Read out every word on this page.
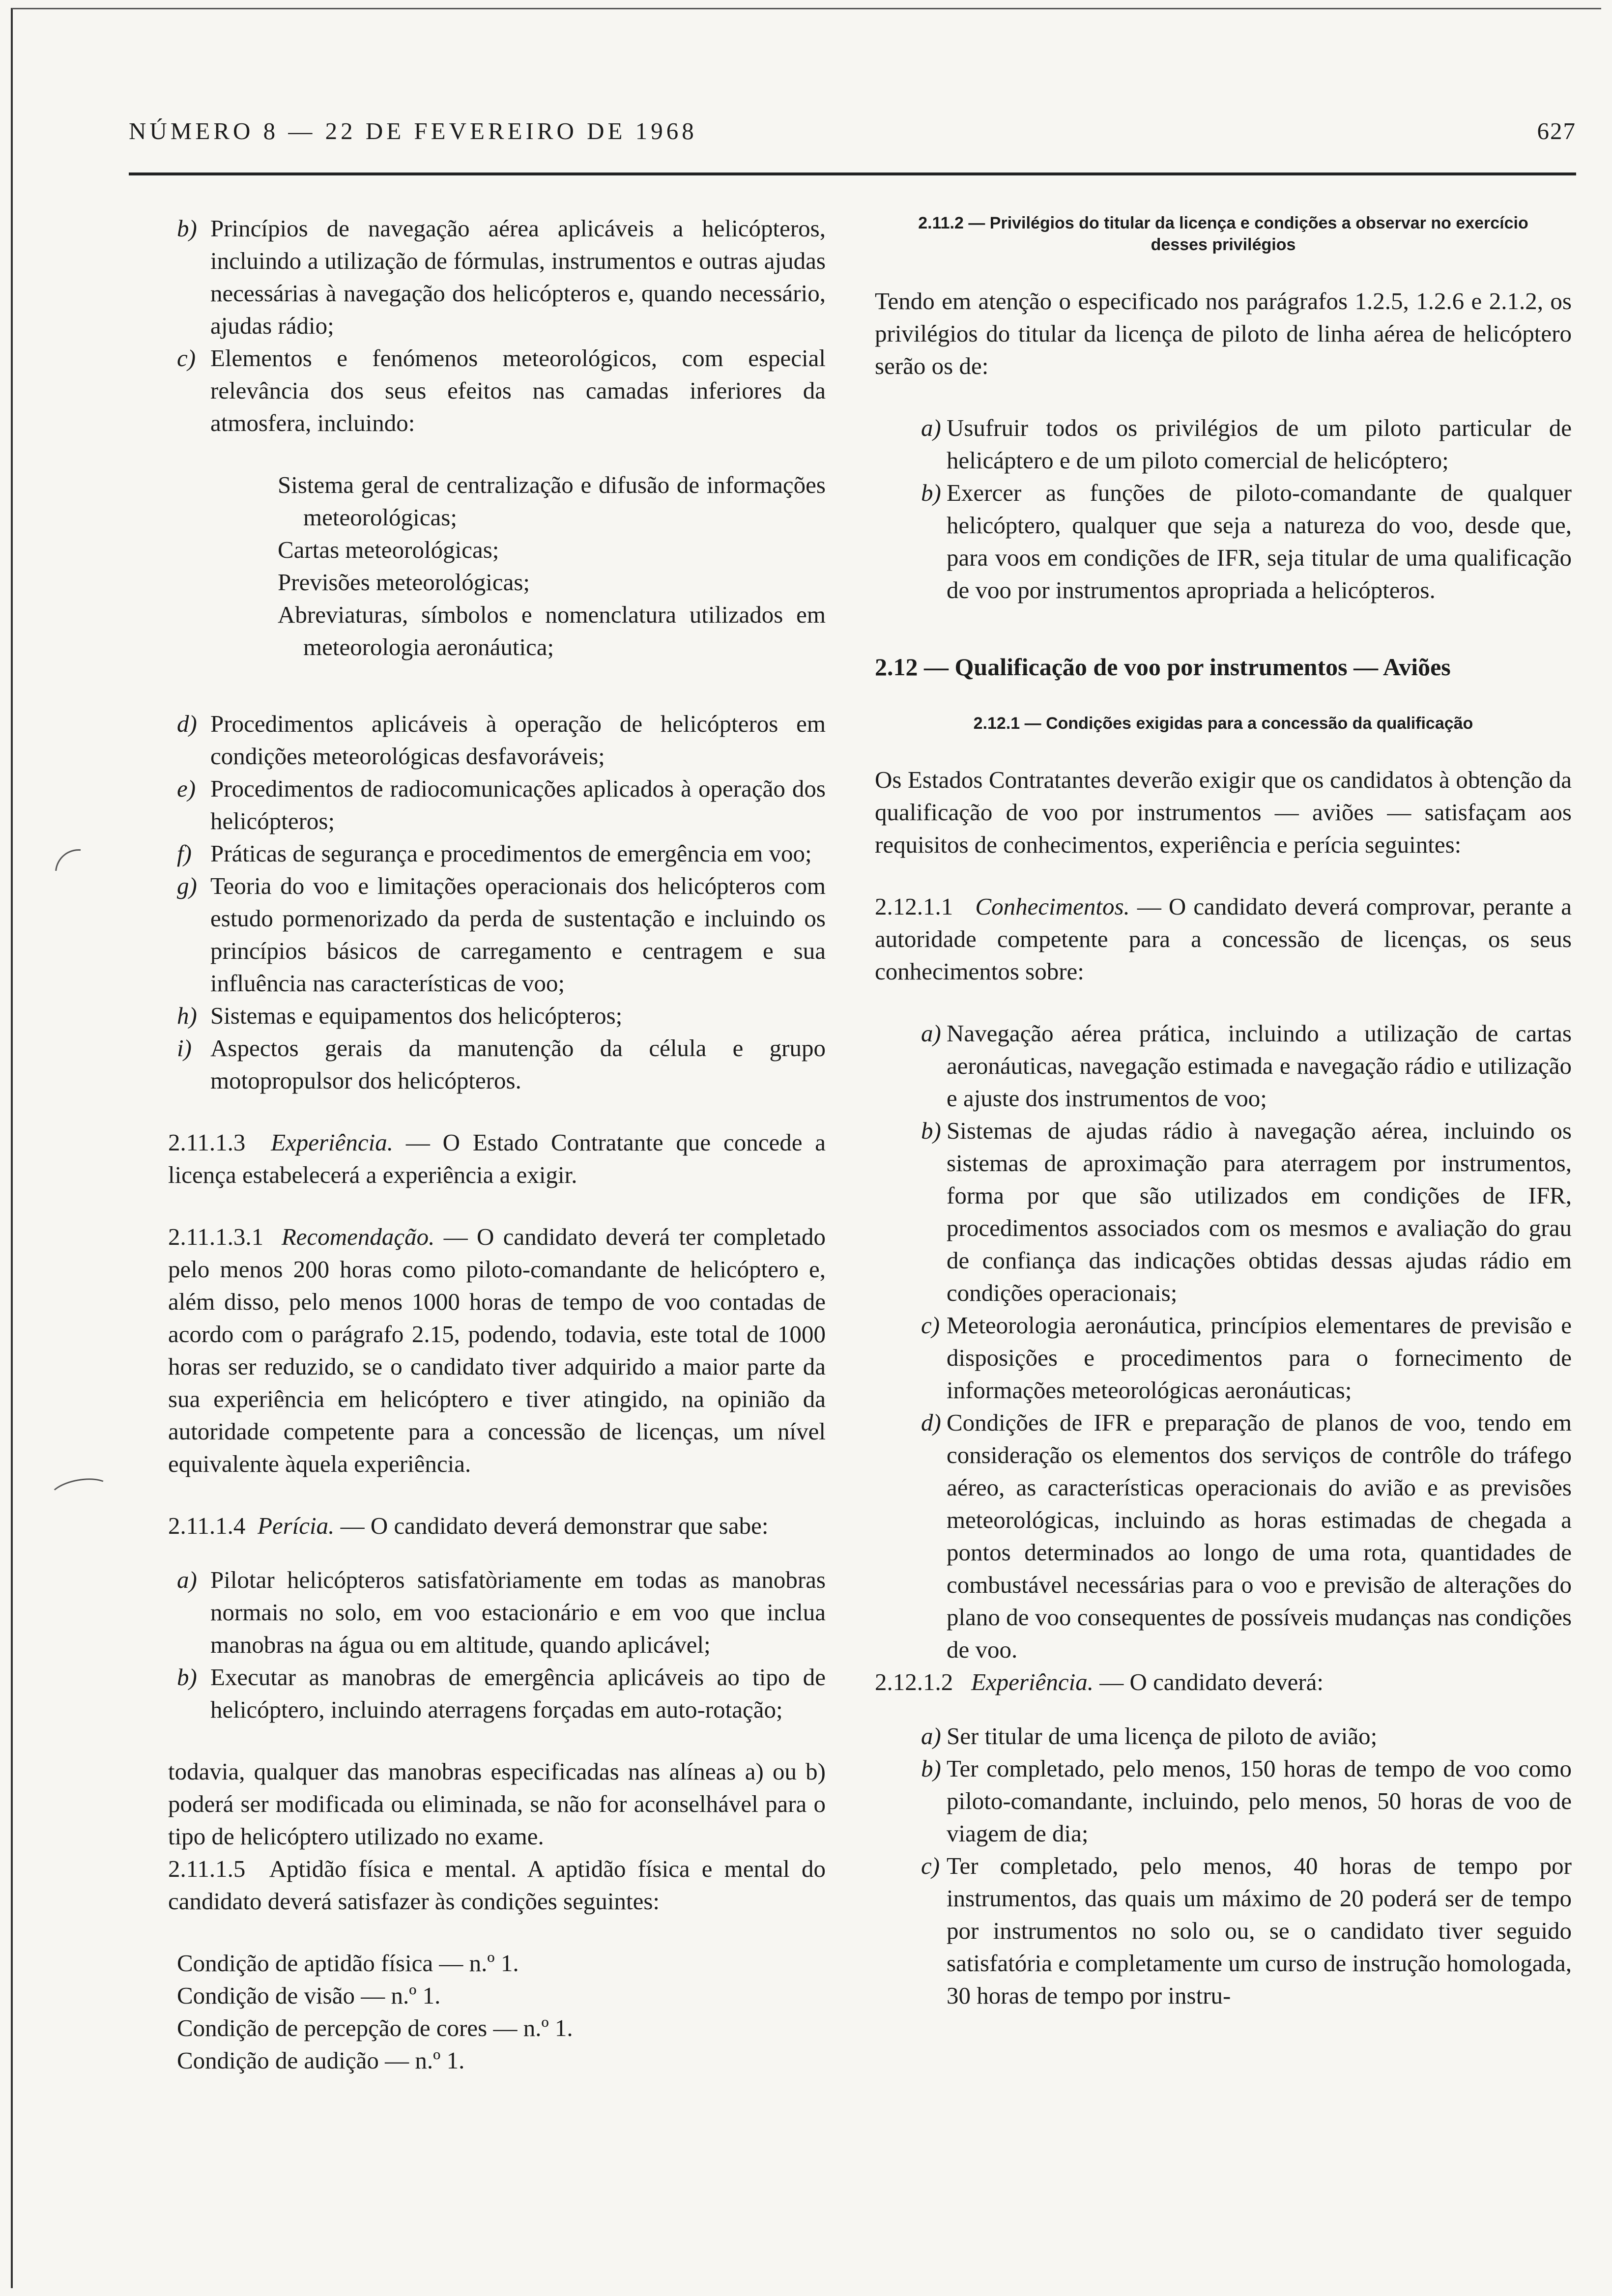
NÚMERO 8 — 22 DE FEVEREIRO DE 1968	627
b) Princípios de navegação aérea aplicáveis a helicópteros, incluindo a utilização de fórmulas, instrumentos e outras ajudas necessárias à navegação dos helicópteros e, quando necessário, ajudas rádio;
c) Elementos e fenómenos meteorológicos, com especial relevância dos seus efeitos nas camadas inferiores da atmosfera, incluindo:
Sistema geral de centralização e difusão de informações meteorológicas;
Cartas meteorológicas;
Previsões meteorológicas;
Abreviaturas, símbolos e nomenclatura utilizados em meteorologia aeronáutica;
d) Procedimentos aplicáveis à operação de helicópteros em condições meteorológicas desfavoráveis;
e) Procedimentos de radiocomunicações aplicados à operação dos helicópteros;
f) Práticas de segurança e procedimentos de emergência em voo;
g) Teoria do voo e limitações operacionais dos helicópteros com estudo pormenorizado da perda de sustentação e incluindo os princípios básicos de carregamento e centragem e sua influência nas características de voo;
h) Sistemas e equipamentos dos helicópteros;
i) Aspectos gerais da manutenção da célula e grupo motopropulsor dos helicópteros.
2.11.1.3 Experiência. — O Estado Contratante que concede a licença estabelecerá a experiência a exigir.
2.11.1.3.1 Recomendação. — O candidato deverá ter completado pelo menos 200 horas como piloto-comandante de helicóptero e, além disso, pelo menos 1000 horas de tempo de voo contadas de acordo com o parágrafo 2.15, podendo, todavia, este total de 1000 horas ser reduzido, se o candidato tiver adquirido a maior parte da sua experiência em helicóptero e tiver atingido, na opinião da autoridade competente para a concessão de licenças, um nível equivalente àquela experiência.
2.11.1.4 Perícia. — O candidato deverá demonstrar que sabe:
a) Pilotar helicópteros satisfatòriamente em todas as manobras normais no solo, em voo estacionário e em voo que inclua manobras na água ou em altitude, quando aplicável;
b) Executar as manobras de emergência aplicáveis ao tipo de helicóptero, incluindo aterragens forçadas em auto-rotação;
todavia, qualquer das manobras especificadas nas alíneas a) ou b) poderá ser modificada ou eliminada, se não for aconselhável para o tipo de helicóptero utilizado no exame.
2.11.1.5 Aptidão física e mental. A aptidão física e mental do candidato deverá satisfazer às condições seguintes:
Condição de aptidão física — n.º 1.
Condição de visão — n.º 1.
Condição de percepção de cores — n.º 1.
Condição de audição — n.º 1.
2.11.2 — Privilégios do titular da licença e condições a observar no exercício desses privilégios
Tendo em atenção o especificado nos parágrafos 1.2.5, 1.2.6 e 2.1.2, os privilégios do titular da licença de piloto de linha aérea de helicóptero serão os de:
a) Usufruir todos os privilégios de um piloto particular de helicáptero e de um piloto comercial de helicóptero;
b) Exercer as funções de piloto-comandante de qualquer helicóptero, qualquer que seja a natureza do voo, desde que, para voos em condições de IFR, seja titular de uma qualificação de voo por instrumentos apropriada a helicópteros.
2.12 — Qualificação de voo por instrumentos — Aviões
2.12.1 — Condições exigidas para a concessão da qualificação
Os Estados Contratantes deverão exigir que os candidatos à obtenção da qualificação de voo por instrumentos — aviões — satisfaçam aos requisitos de conhecimentos, experiência e perícia seguintes:
2.12.1.1 Conhecimentos. — O candidato deverá comprovar, perante a autoridade competente para a concessão de licenças, os seus conhecimentos sobre:
a) Navegação aérea prática, incluindo a utilização de cartas aeronáuticas, navegação estimada e navegação rádio e utilização e ajuste dos instrumentos de voo;
b) Sistemas de ajudas rádio à navegação aérea, incluindo os sistemas de aproximação para aterragem por instrumentos, forma por que são utilizados em condições de IFR, procedimentos associados com os mesmos e avaliação do grau de confiança das indicações obtidas dessas ajudas rádio em condições operacionais;
c) Meteorologia aeronáutica, princípios elementares de previsão e disposições e procedimentos para o fornecimento de informações meteorológicas aeronáuticas;
d) Condições de IFR e preparação de planos de voo, tendo em consideração os elementos dos serviços de contrôle do tráfego aéreo, as características operacionais do avião e as previsões meteorológicas, incluindo as horas estimadas de chegada a pontos determinados ao longo de uma rota, quantidades de combustável necessárias para o voo e previsão de alterações do plano de voo consequentes de possíveis mudanças nas condições de voo.
2.12.1.2 Experiência. — O candidato deverá:
a) Ser titular de uma licença de piloto de avião;
b) Ter completado, pelo menos, 150 horas de tempo de voo como piloto-comandante, incluindo, pelo menos, 50 horas de voo de viagem de dia;
c) Ter completado, pelo menos, 40 horas de tempo por instrumentos, das quais um máximo de 20 poderá ser de tempo por instrumentos no solo ou, se o candidato tiver seguido satisfatória e completamente um curso de instrução homologada, 30 horas de tempo por instru-
